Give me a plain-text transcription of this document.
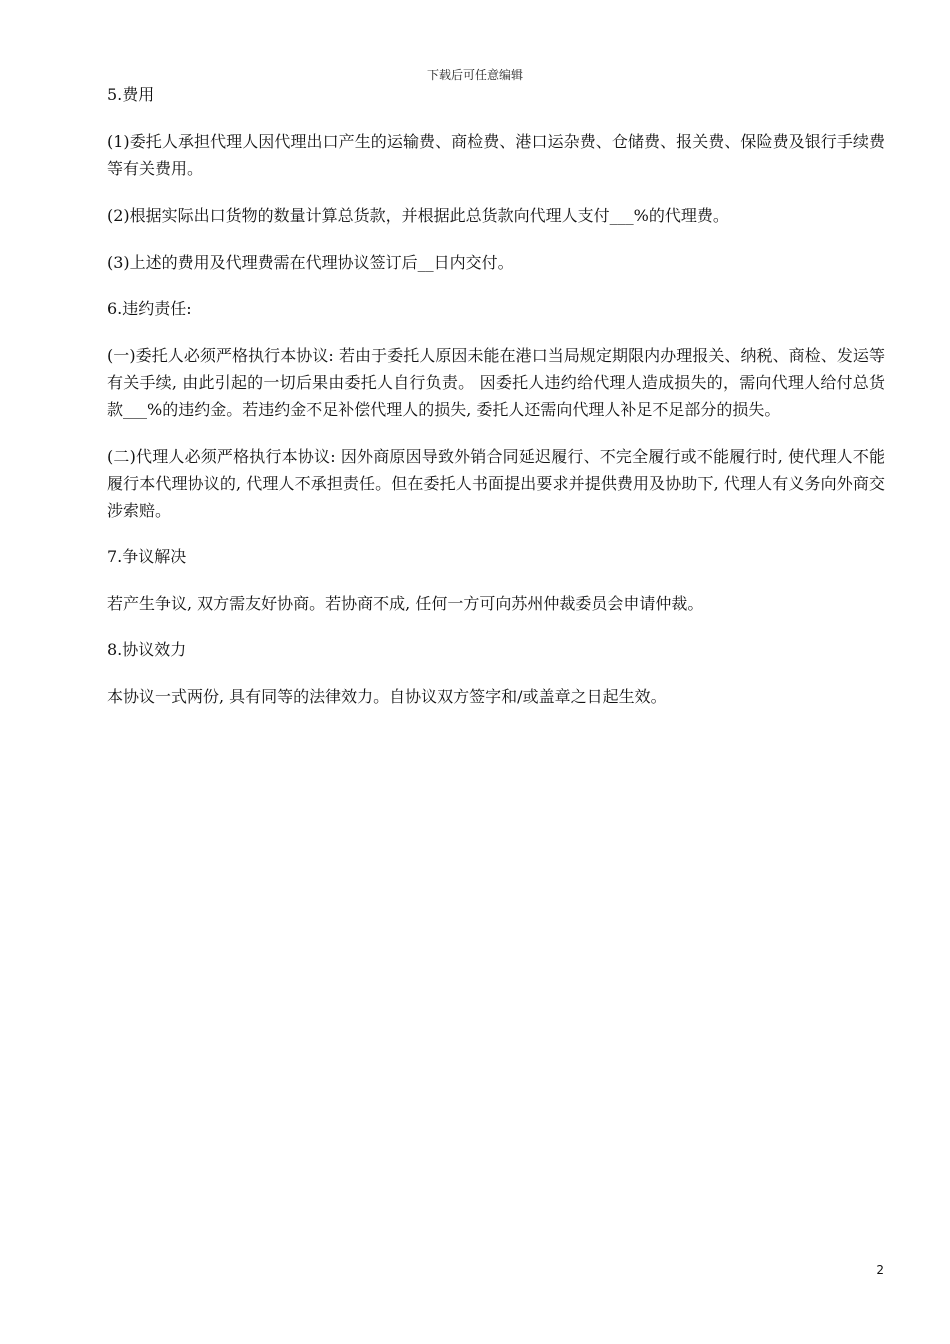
下载后可任意编辑
5.费用
(1)委托人承担代理人因代理出口产生的运输费、商检费、港口运杂费、仓储费、报关费、保险费及银行手续费等有关费用。
(2)根据实际出口货物的数量计算总货款，并根据此总货款向代理人支付___%的代理费。
(3)上述的费用及代理费需在代理协议签订后__日内交付。
6.违约责任:
(一)委托人必须严格执行本协议: 若由于委托人原因未能在港口当局规定期限内办理报关、纳税、商检、发运等有关手续, 由此引起的一切后果由委托人自行负责。 因委托人违约给代理人造成损失的，需向代理人给付总货款___%的违约金。若违约金不足补偿代理人的损失, 委托人还需向代理人补足不足部分的损失。
(二)代理人必须严格执行本协议: 因外商原因导致外销合同延迟履行、不完全履行或不能履行时, 使代理人不能履行本代理协议的, 代理人不承担责任。但在委托人书面提出要求并提供费用及协助下, 代理人有义务向外商交涉索赔。
7.争议解决
若产生争议, 双方需友好协商。若协商不成, 任何一方可向苏州仲裁委员会申请仲裁。
8.协议效力
本协议一式两份, 具有同等的法律效力。自协议双方签字和/或盖章之日起生效。
2
